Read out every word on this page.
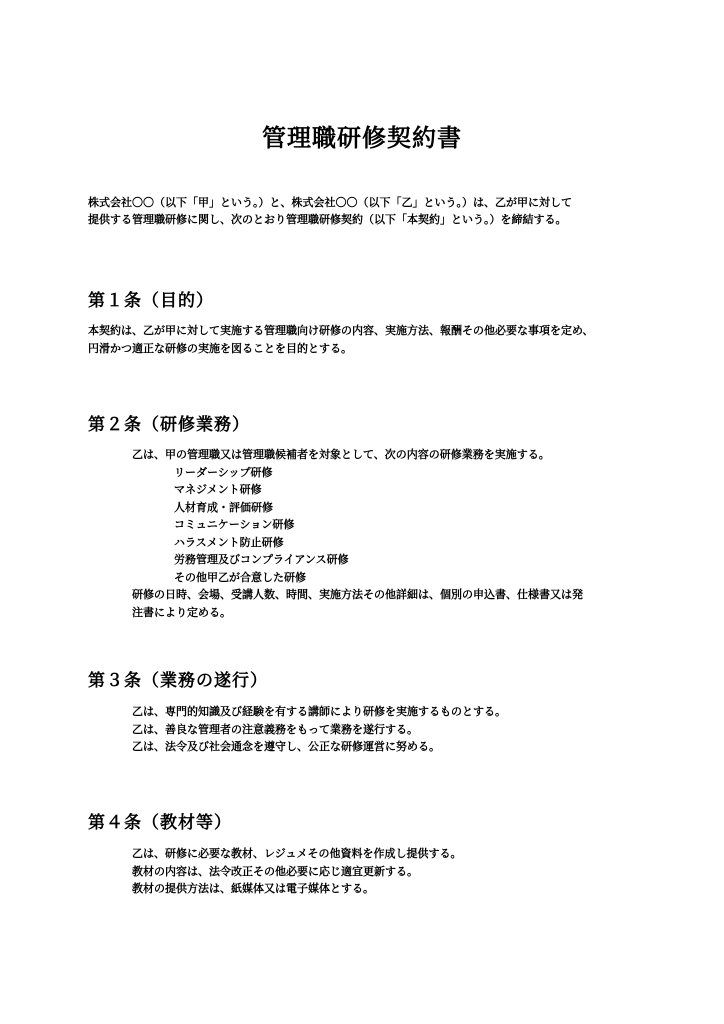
管理職研修契約書
株式会社〇〇（以下「甲」という。）と、株式会社〇〇（以下「乙」という。）は、乙が甲に対して
提供する管理職研修に関し、次のとおり管理職研修契約（以下「本契約」という。）を締結する。
第１条（目的）
本契約は、乙が甲に対して実施する管理職向け研修の内容、実施方法、報酬その他必要な事項を定め、
円滑かつ適正な研修の実施を図ることを目的とする。
第２条（研修業務）
乙は、甲の管理職又は管理職候補者を対象として、次の内容の研修業務を実施する。
リーダーシップ研修
マネジメント研修
人材育成・評価研修
コミュニケーション研修
ハラスメント防止研修
労務管理及びコンプライアンス研修
その他甲乙が合意した研修
研修の日時、会場、受講人数、時間、実施方法その他詳細は、個別の申込書、仕様書又は発
注書により定める。
第３条（業務の遂行）
乙は、専門的知識及び経験を有する講師により研修を実施するものとする。
乙は、善良な管理者の注意義務をもって業務を遂行する。
乙は、法令及び社会通念を遵守し、公正な研修運営に努める。
第４条（教材等）
乙は、研修に必要な教材、レジュメその他資料を作成し提供する。
教材の内容は、法令改正その他必要に応じ適宜更新する。
教材の提供方法は、紙媒体又は電子媒体とする。
